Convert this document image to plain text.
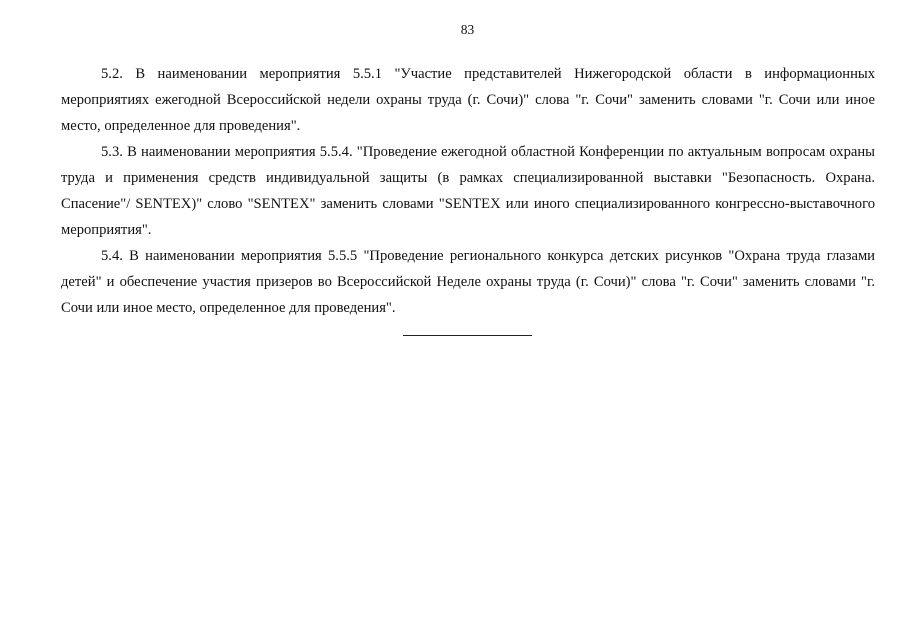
83

5.2. В наименовании мероприятия 5.5.1 "Участие представителей Нижегородской области в информационных мероприятиях ежегодной Всероссийской недели охраны труда (г. Сочи)" слова "г. Сочи" заменить словами "г. Сочи или иное место, определенное для проведения".

5.3. В наименовании мероприятия 5.5.4. "Проведение ежегодной областной Конференции по актуальным вопросам охраны труда и применения средств индивидуальной защиты (в рамках специализированной выставки "Безопасность. Охрана. Спасение"/ SENTEX)" слово "SENTEX" заменить словами "SENTEX или иного специализированного конгрессно-выставочного мероприятия".

5.4. В наименовании мероприятия 5.5.5 "Проведение регионального конкурса детских рисунков "Охрана труда глазами детей" и обеспечение участия призеров во Всероссийской Неделе охраны труда (г. Сочи)" слова "г. Сочи" заменить словами "г. Сочи или иное место, определенное для проведения".
